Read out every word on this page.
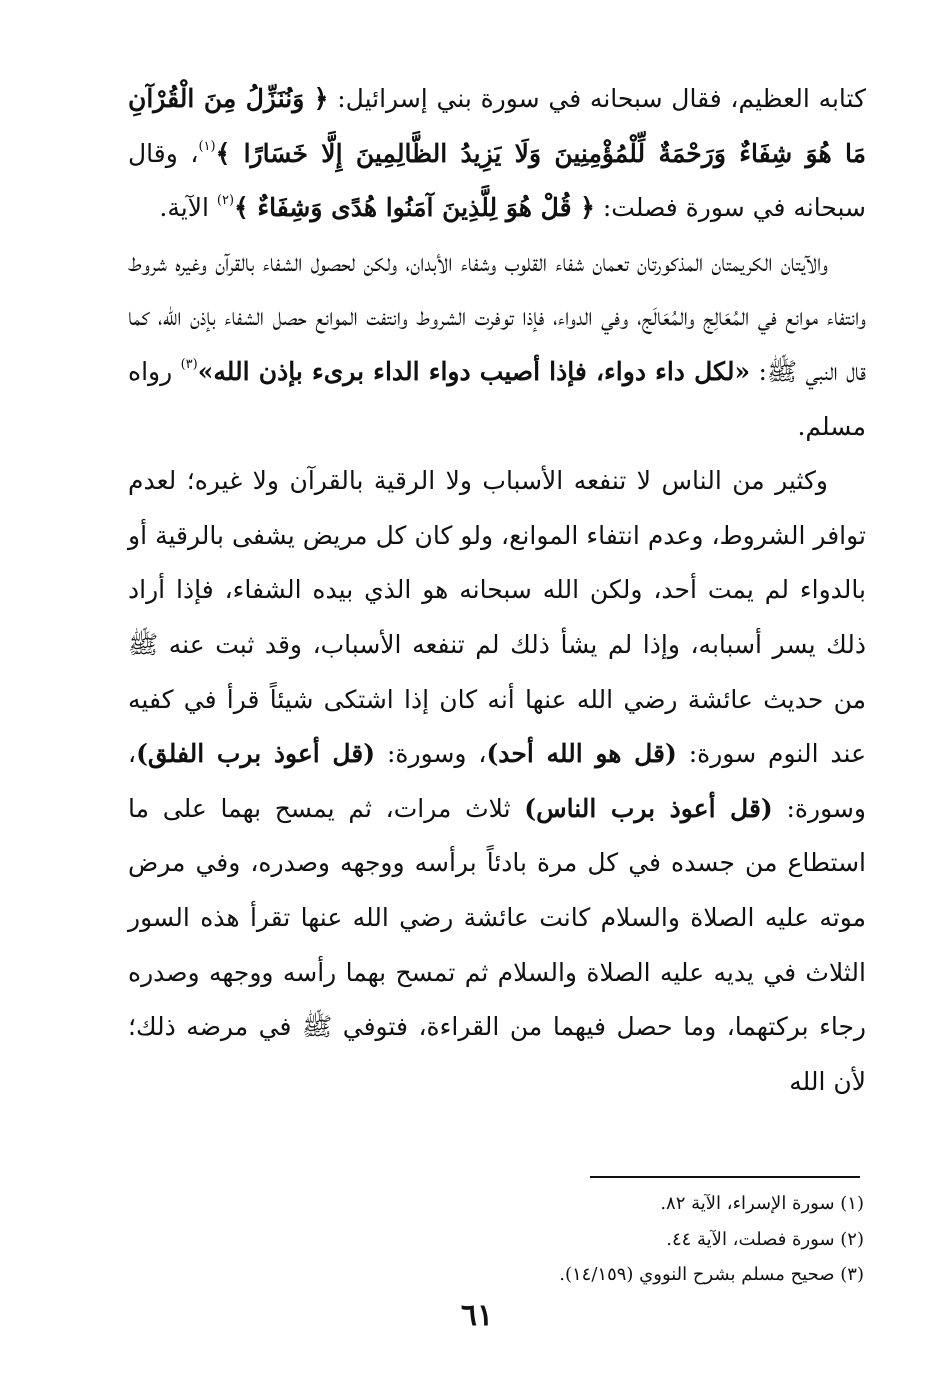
كتابه العظيم، فقال سبحانه في سورة بني إسرائيل: ﴿ وَنُنَزِّلُ مِنَ الْقُرْآنِ مَا هُوَ شِفَاءٌ وَرَحْمَةٌ لِّلْمُؤْمِنِينَ وَلَا يَزِيدُ الظَّالِمِينَ إِلَّا خَسَارًا ﴾$^{(١)}$، وقال سبحانه في سورة فصلت: ﴿ قُلْ هُوَ لِلَّذِينَ آمَنُوا هُدًى وَشِفَاءٌ ﴾$^{(٢)}$ الآية.

والآيتان الكريمتان المذكورتان تعمان شفاء القلوب وشفاء الأبدان، ولكن لحصول الشفاء بالقرآن وغيره شروط وانتفاء موانع في المُعَالِج والمُعَالَج، وفي الدواء، فإذا توفرت الشروط وانتفت الموانع حصل الشفاء بإذن الله، كما قال النبي ﷺ: «لكل داء دواء، فإذا أصيب دواء الداء برىء بإذن الله»$^{(٣)}$ رواه مسلم.

وكثير من الناس لا تنفعه الأسباب ولا الرقية بالقرآن ولا غيره؛ لعدم توافر الشروط، وعدم انتفاء الموانع، ولو كان كل مريض يشفى بالرقية أو بالدواء لم يمت أحد، ولكن الله سبحانه هو الذي بيده الشفاء، فإذا أراد ذلك يسر أسبابه، وإذا لم يشأ ذلك لم تنفعه الأسباب، وقد ثبت عنه ﷺ من حديث عائشة رضي الله عنها أنه كان إذا اشتكى شيئاً قرأ في كفيه عند النوم سورة: (قل هو الله أحد)، وسورة: (قل أعوذ برب الفلق)، وسورة: (قل أعوذ برب الناس) ثلاث مرات، ثم يمسح بهما على ما استطاع من جسده في كل مرة بادئاً برأسه ووجهه وصدره، وفي مرض موته عليه الصلاة والسلام كانت عائشة رضي الله عنها تقرأ هذه السور الثلاث في يديه عليه الصلاة والسلام ثم تمسح بهما رأسه ووجهه وصدره رجاء بركتهما، وما حصل فيهما من القراءة، فتوفي ﷺ في مرضه ذلك؛ لأن الله

(١) سورة الإسراء، الآية ٨٢.

(٢) سورة فصلت، الآية ٤٤.

(٣) صحيح مسلم بشرح النووي (١٤/١٥٩).

٦١
